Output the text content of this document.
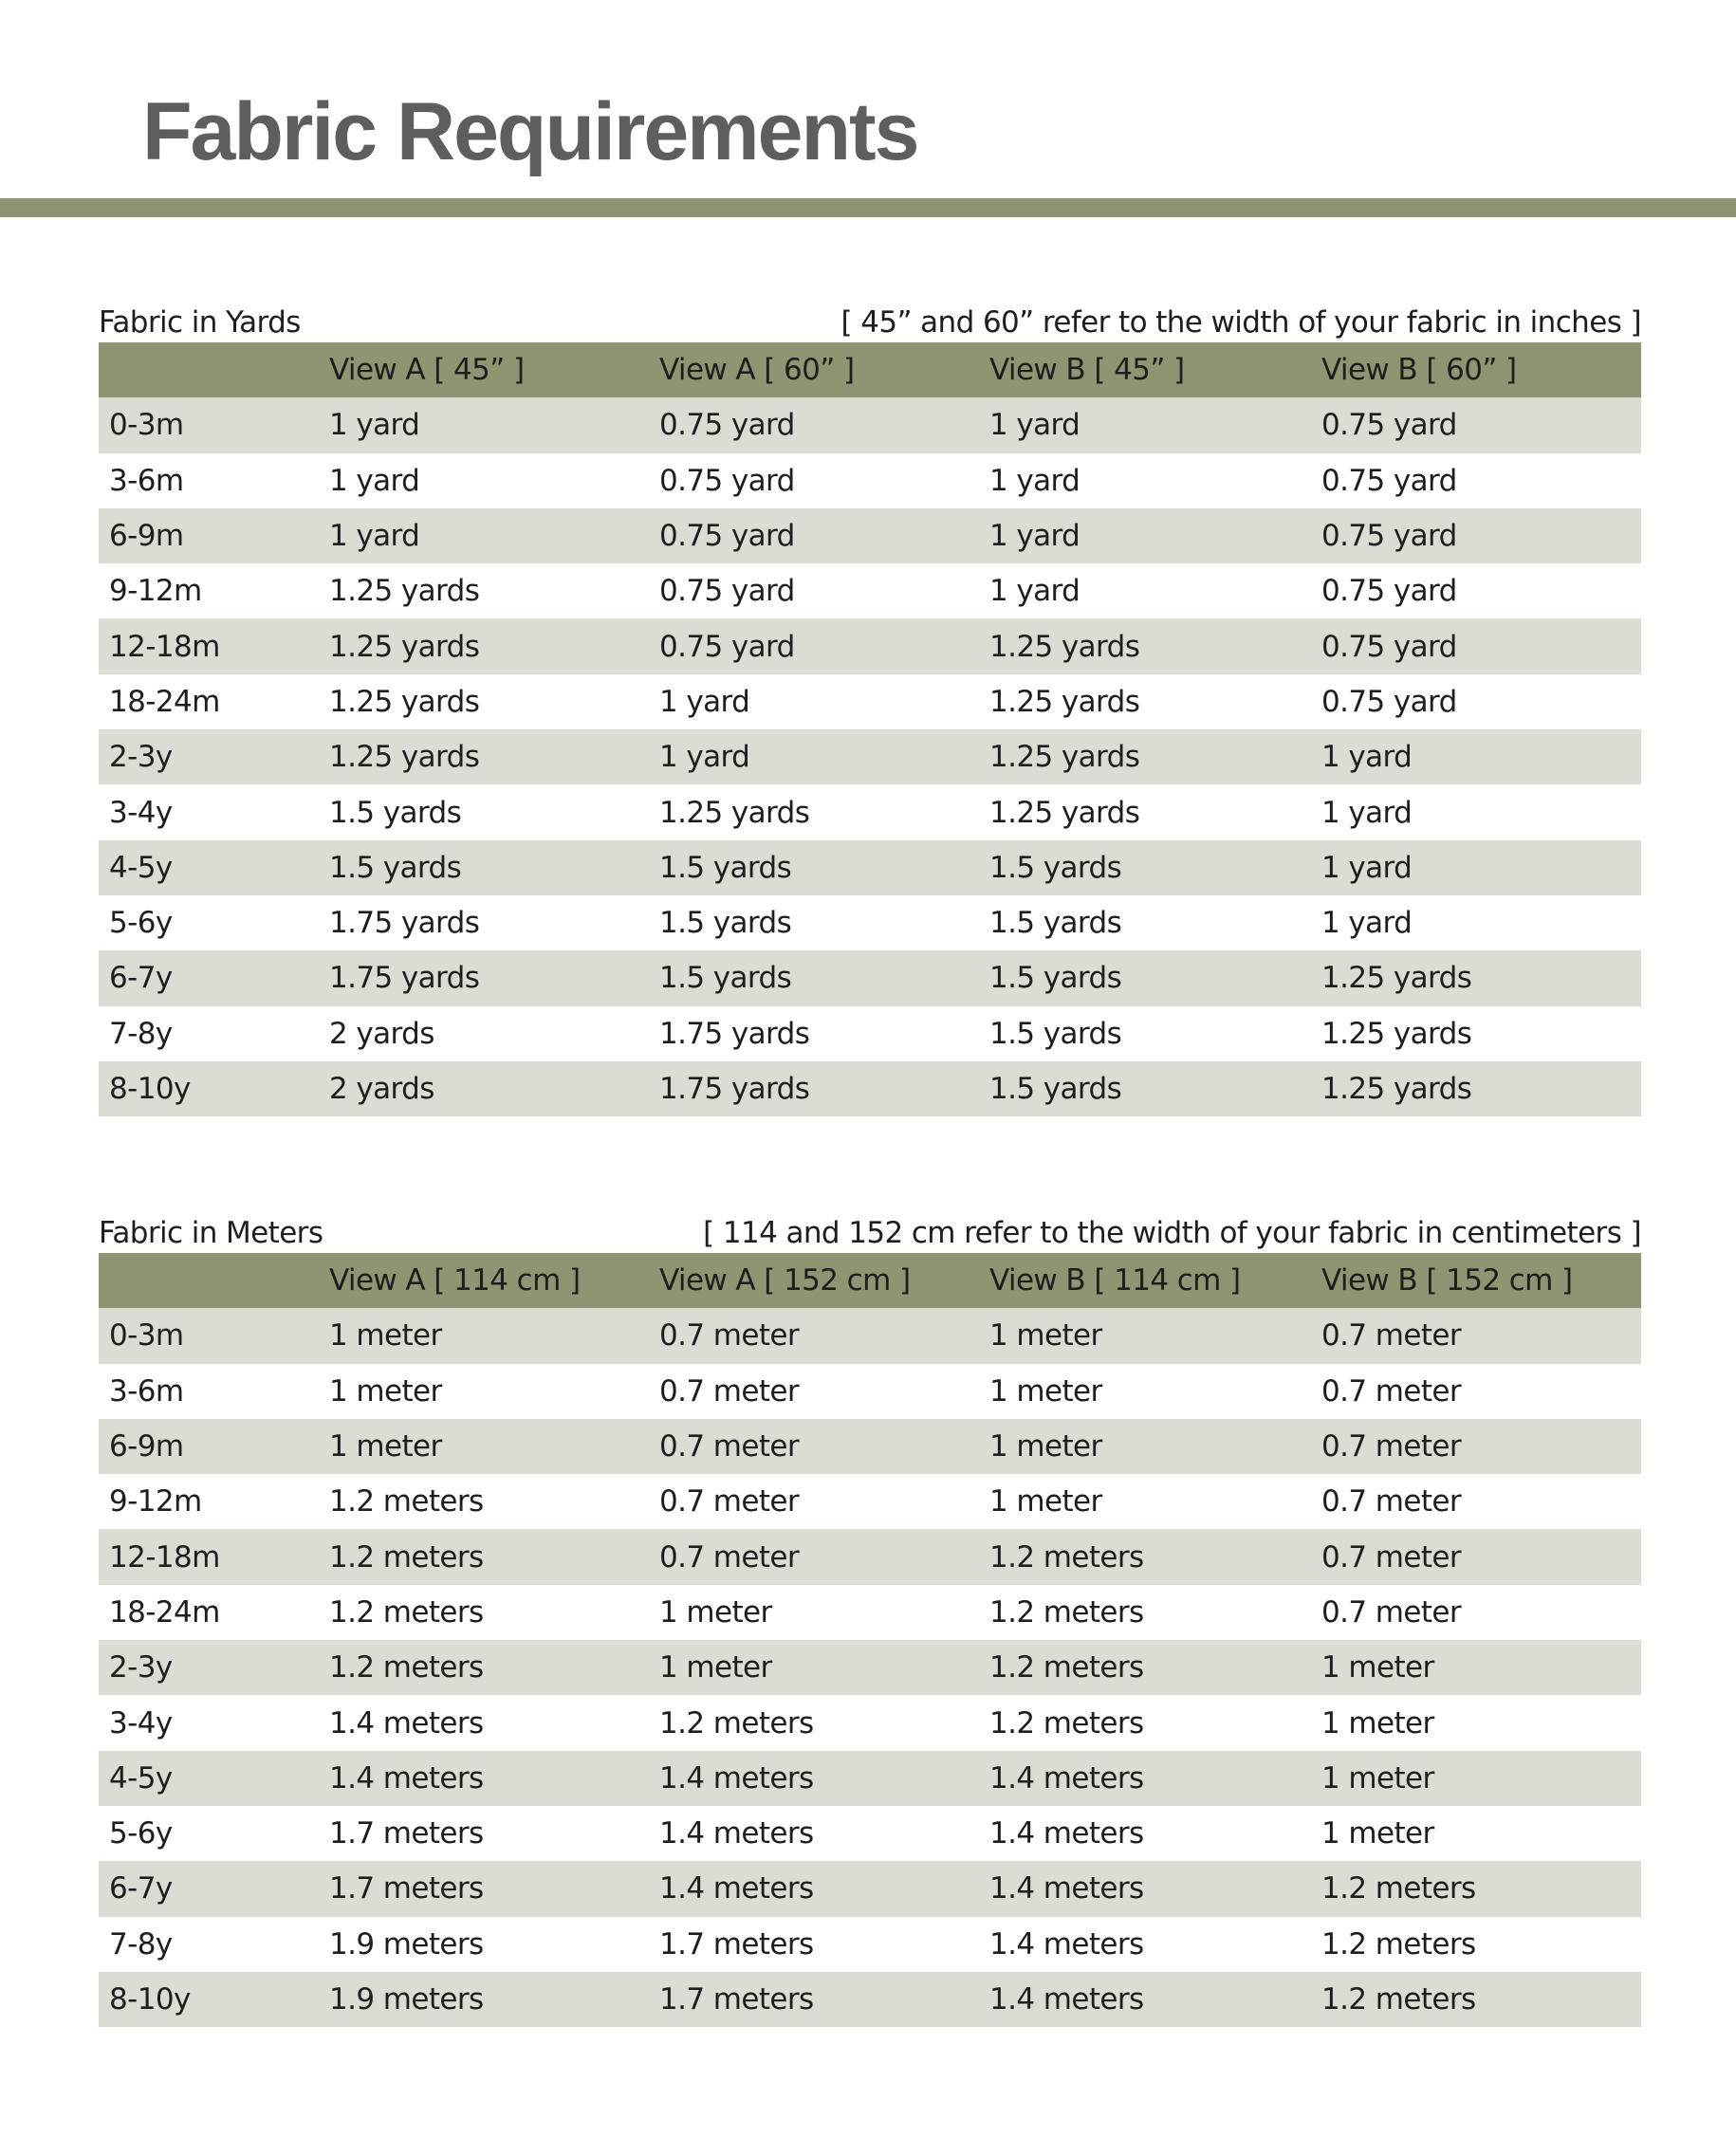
Fabric Requirements
Fabric in Yards	[ 45” and 60” refer to the width of your fabric in inches ]
	View A [ 45” ]	View A [ 60” ]	View B [ 45” ]	View B [ 60” ]
0-3m	1 yard	0.75 yard	1 yard	0.75 yard
3-6m	1 yard	0.75 yard	1 yard	0.75 yard
6-9m	1 yard	0.75 yard	1 yard	0.75 yard
9-12m	1.25 yards	0.75 yard	1 yard	0.75 yard
12-18m	1.25 yards	0.75 yard	1.25 yards	0.75 yard
18-24m	1.25 yards	1 yard	1.25 yards	0.75 yard
2-3y	1.25 yards	1 yard	1.25 yards	1 yard
3-4y	1.5 yards	1.25 yards	1.25 yards	1 yard
4-5y	1.5 yards	1.5 yards	1.5 yards	1 yard
5-6y	1.75 yards	1.5 yards	1.5 yards	1 yard
6-7y	1.75 yards	1.5 yards	1.5 yards	1.25 yards
7-8y	2 yards	1.75 yards	1.5 yards	1.25 yards
8-10y	2 yards	1.75 yards	1.5 yards	1.25 yards
Fabric in Meters	[ 114 and 152 cm refer to the width of your fabric in centimeters ]
	View A [ 114 cm ]	View A [ 152 cm ]	View B [ 114 cm ]	View B [ 152 cm ]
0-3m	1 meter	0.7 meter	1 meter	0.7 meter
3-6m	1 meter	0.7 meter	1 meter	0.7 meter
6-9m	1 meter	0.7 meter	1 meter	0.7 meter
9-12m	1.2 meters	0.7 meter	1 meter	0.7 meter
12-18m	1.2 meters	0.7 meter	1.2 meters	0.7 meter
18-24m	1.2 meters	1 meter	1.2 meters	0.7 meter
2-3y	1.2 meters	1 meter	1.2 meters	1 meter
3-4y	1.4 meters	1.2 meters	1.2 meters	1 meter
4-5y	1.4 meters	1.4 meters	1.4 meters	1 meter
5-6y	1.7 meters	1.4 meters	1.4 meters	1 meter
6-7y	1.7 meters	1.4 meters	1.4 meters	1.2 meters
7-8y	1.9 meters	1.7 meters	1.4 meters	1.2 meters
8-10y	1.9 meters	1.7 meters	1.4 meters	1.2 meters
